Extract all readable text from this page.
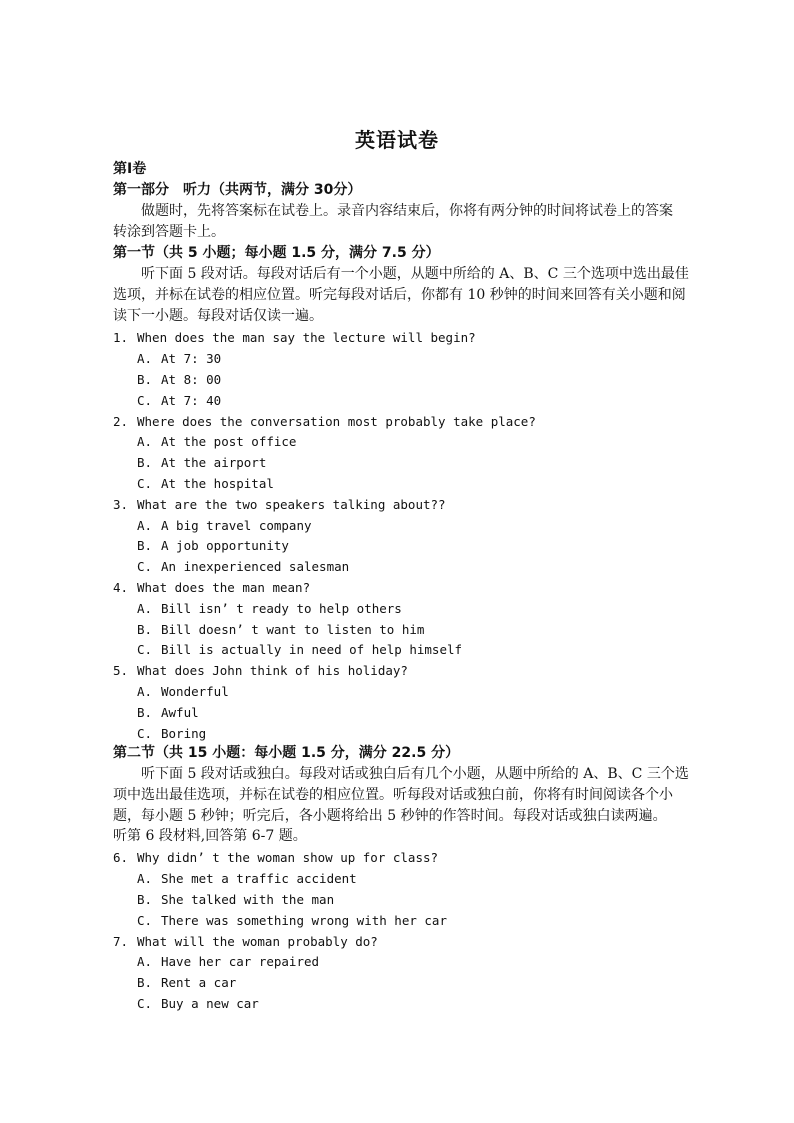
英语试卷
第Ⅰ卷
第一部分　听力（共两节，满分 30分）
做题时，先将答案标在试卷上。录音内容结束后，你将有两分钟的时间将试卷上的答案
转涂到答题卡上。
第一节（共 5 小题；每小题 1.5 分，满分 7.5 分）
听下面 5 段对话。每段对话后有一个小题，从题中所给的 A、B、C 三个选项中选出最佳
选项，并标在试卷的相应位置。听完每段对话后，你都有 10 秒钟的时间来回答有关小题和阅
读下一小题。每段对话仅读一遍。
1. When does the man say the lecture will begin?
A. At 7: 30
B. At 8: 00
C. At 7: 40
2. Where does the conversation most probably take place?
A. At the post office
B. At the airport
C. At the hospital
3. What are the two speakers talking about??
A. A big travel company
B. A job opportunity
C. An inexperienced salesman
4. What does the man mean?
A. Bill isn’ t ready to help others
B. Bill doesn’ t want to listen to him
C. Bill is actually in need of help himself
5. What does John think of his holiday?
A. Wonderful
B. Awful
C. Boring
第二节（共 15 小题：每小题 1.5 分，满分 22.5 分）
听下面 5 段对话或独白。每段对话或独白后有几个小题，从题中所给的 A、B、C 三个选
项中选出最佳选项，并标在试卷的相应位置。听每段对话或独白前，你将有时间阅读各个小
题，每小题 5 秒钟；听完后，各小题将给出 5 秒钟的作答时间。每段对话或独白读两遍。
听第 6 段材料,回答第 6-7 题。
6. Why didn’ t the woman show up for class?
A. She met a traffic accident
B. She talked with the man
C. There was something wrong with her car
7. What will the woman probably do?
A. Have her car repaired
B. Rent a car
C. Buy a new car
